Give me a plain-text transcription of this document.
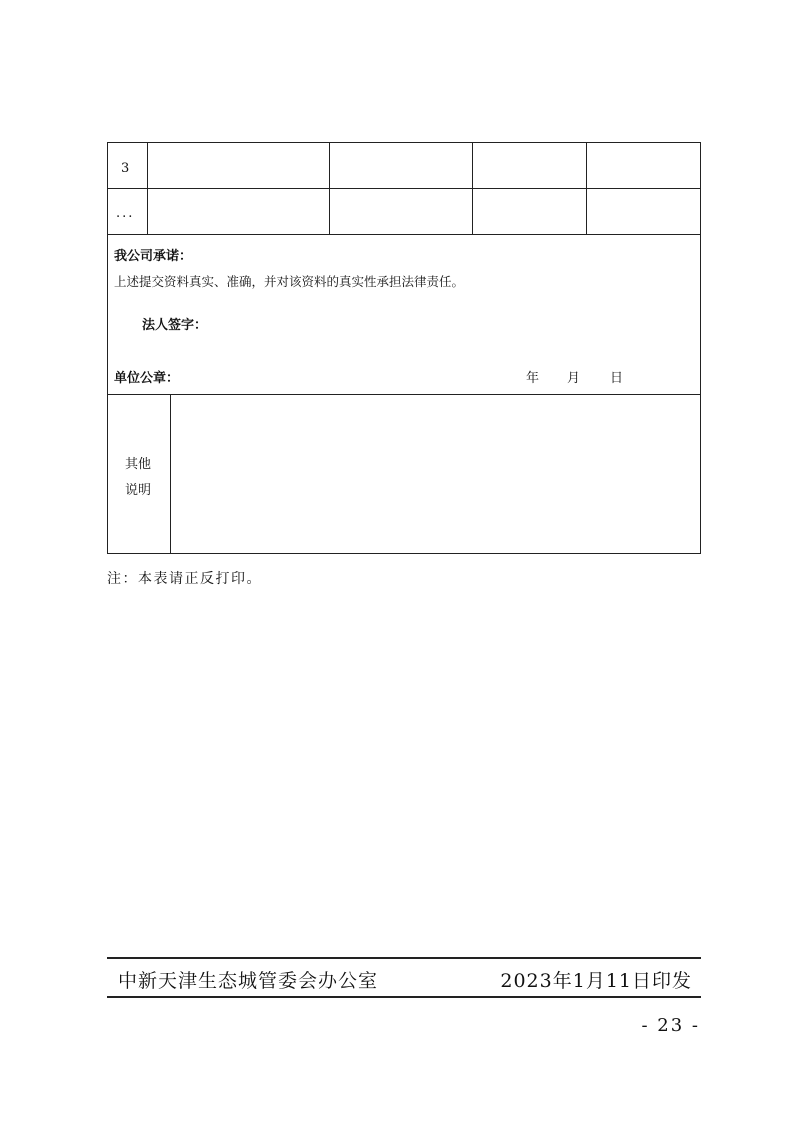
3
...
我公司承诺：
上述提交资料真实、准确，并对该资料的真实性承担法律责任。
法人签字：
单位公章：	年 月 日
其他
说明
注：本表请正反打印。
中新天津生态城管委会办公室	2023年1月11日印发
- 23 -
